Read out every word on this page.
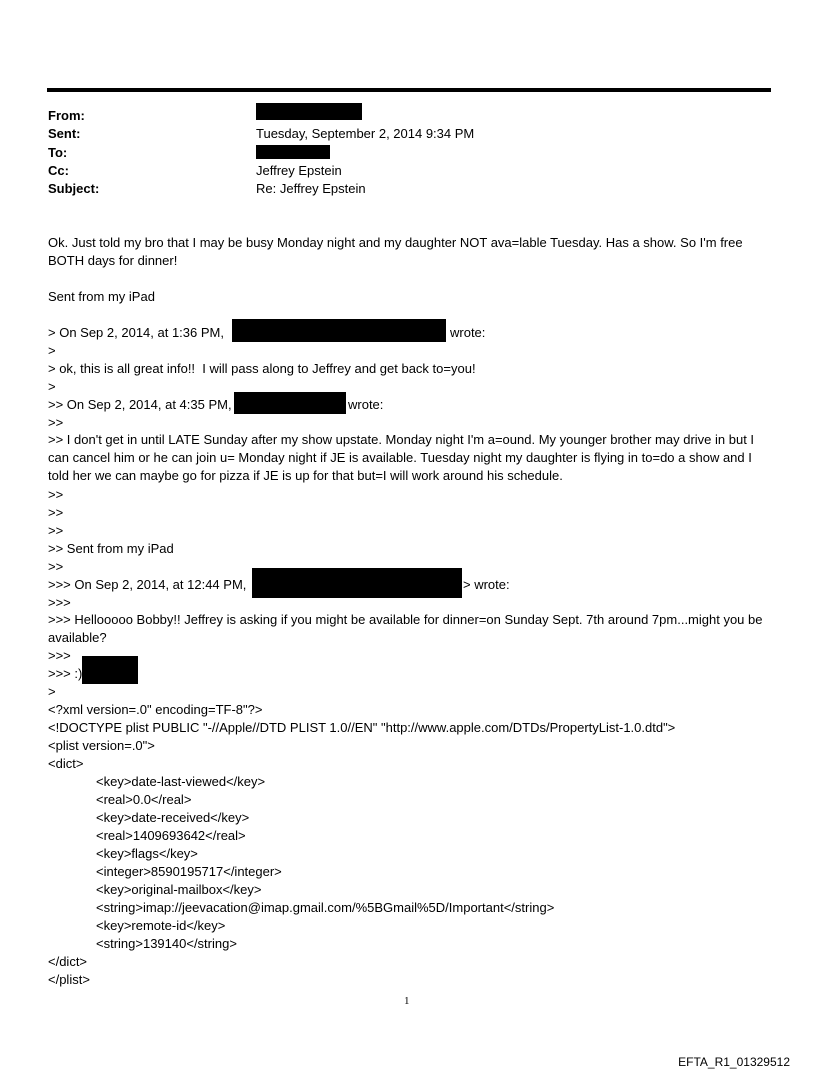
From:
Sent:	Tuesday, September 2, 2014 9:34 PM
To:
Cc:	Jeffrey Epstein
Subject:	Re: Jeffrey Epstein
Ok. Just told my bro that I may be busy Monday night and my daughter NOT ava=lable Tuesday. Has a show. So I'm free BOTH days for dinner!
Sent from my iPad
> On Sep 2, 2014, at 1:36 PM,	wrote:
>
> ok, this is all great info!!  I will pass along to Jeffrey and get back to=you!
>
>> On Sep 2, 2014, at 4:35 PM,	wrote:
>>
>> I don't get in until LATE Sunday after my show upstate. Monday night I'm a=ound. My younger brother may drive in but I can cancel him or he can join u= Monday night if JE is available. Tuesday night my daughter is flying in to=do a show and I told her we can maybe go for pizza if JE is up for that but=I will work around his schedule.
>>
>>
>>
>> Sent from my iPad
>>
>>> On Sep 2, 2014, at 12:44 PM,	> wrote:
>>>
>>> Hellooooo Bobby!! Jeffrey is asking if you might be available for dinner=on Sunday Sept. 7th around 7pm...might you be available?
>>>
>>> :)
>
<?xml version=.0" encoding=TF-8"?>
<!DOCTYPE plist PUBLIC "-//Apple//DTD PLIST 1.0//EN" "http://www.apple.com/DTDs/PropertyList-1.0.dtd">
<plist version=.0">
<dict>
<key>date-last-viewed</key>
<real>0.0</real>
<key>date-received</key>
<real>1409693642</real>
<key>flags</key>
<integer>8590195717</integer>
<key>original-mailbox</key>
<string>imap://jeevacation@imap.gmail.com/%5BGmail%5D/Important</string>
<key>remote-id</key>
<string>139140</string>
</dict>
</plist>
1
EFTA_R1_01329512
